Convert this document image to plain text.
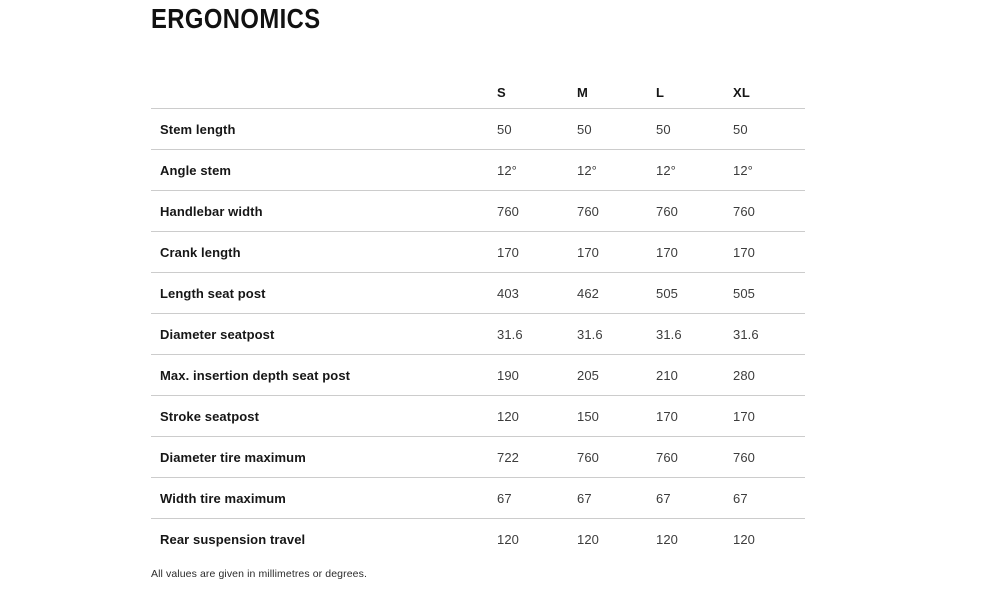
ERGONOMICS
	S	M	L	XL
Stem length	50	50	50	50
Angle stem	12°	12°	12°	12°
Handlebar width	760	760	760	760
Crank length	170	170	170	170
Length seat post	403	462	505	505
Diameter seatpost	31.6	31.6	31.6	31.6
Max. insertion depth seat post	190	205	210	280
Stroke seatpost	120	150	170	170
Diameter tire maximum	722	760	760	760
Width tire maximum	67	67	67	67
Rear suspension travel	120	120	120	120

All values are given in millimetres or degrees.
